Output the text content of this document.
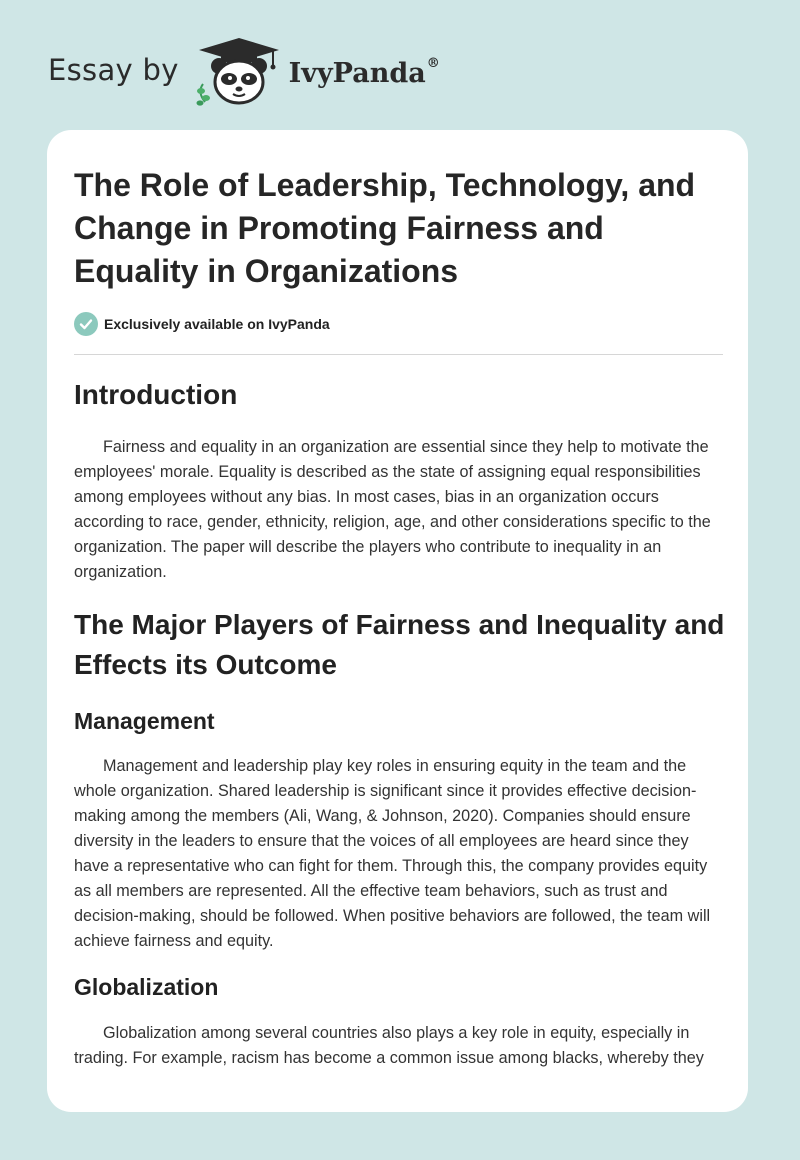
Essay by	IvyPanda®
The Role of Leadership, Technology, and Change in Promoting Fairness and Equality in Organizations
Exclusively available on IvyPanda
Introduction

Fairness and equality in an organization are essential since they help to motivate the employees' morale. Equality is described as the state of assigning equal responsibilities among employees without any bias. In most cases, bias in an organization occurs according to race, gender, ethnicity, religion, age, and other considerations specific to the organization. The paper will describe the players who contribute to inequality in an organization.

The Major Players of Fairness and Inequality and Effects its Outcome
Management

Management and leadership play key roles in ensuring equity in the team and the whole organization. Shared leadership is significant since it provides effective decision-making among the members (Ali, Wang, & Johnson, 2020). Companies should ensure diversity in the leaders to ensure that the voices of all employees are heard since they have a representative who can fight for them. Through this, the company provides equity as all members are represented. All the effective team behaviors, such as trust and decision-making, should be followed. When positive behaviors are followed, the team will achieve fairness and equity.

Globalization

Globalization among several countries also plays a key role in equity, especially in trading. For example, racism has become a common issue among blacks, whereby they
